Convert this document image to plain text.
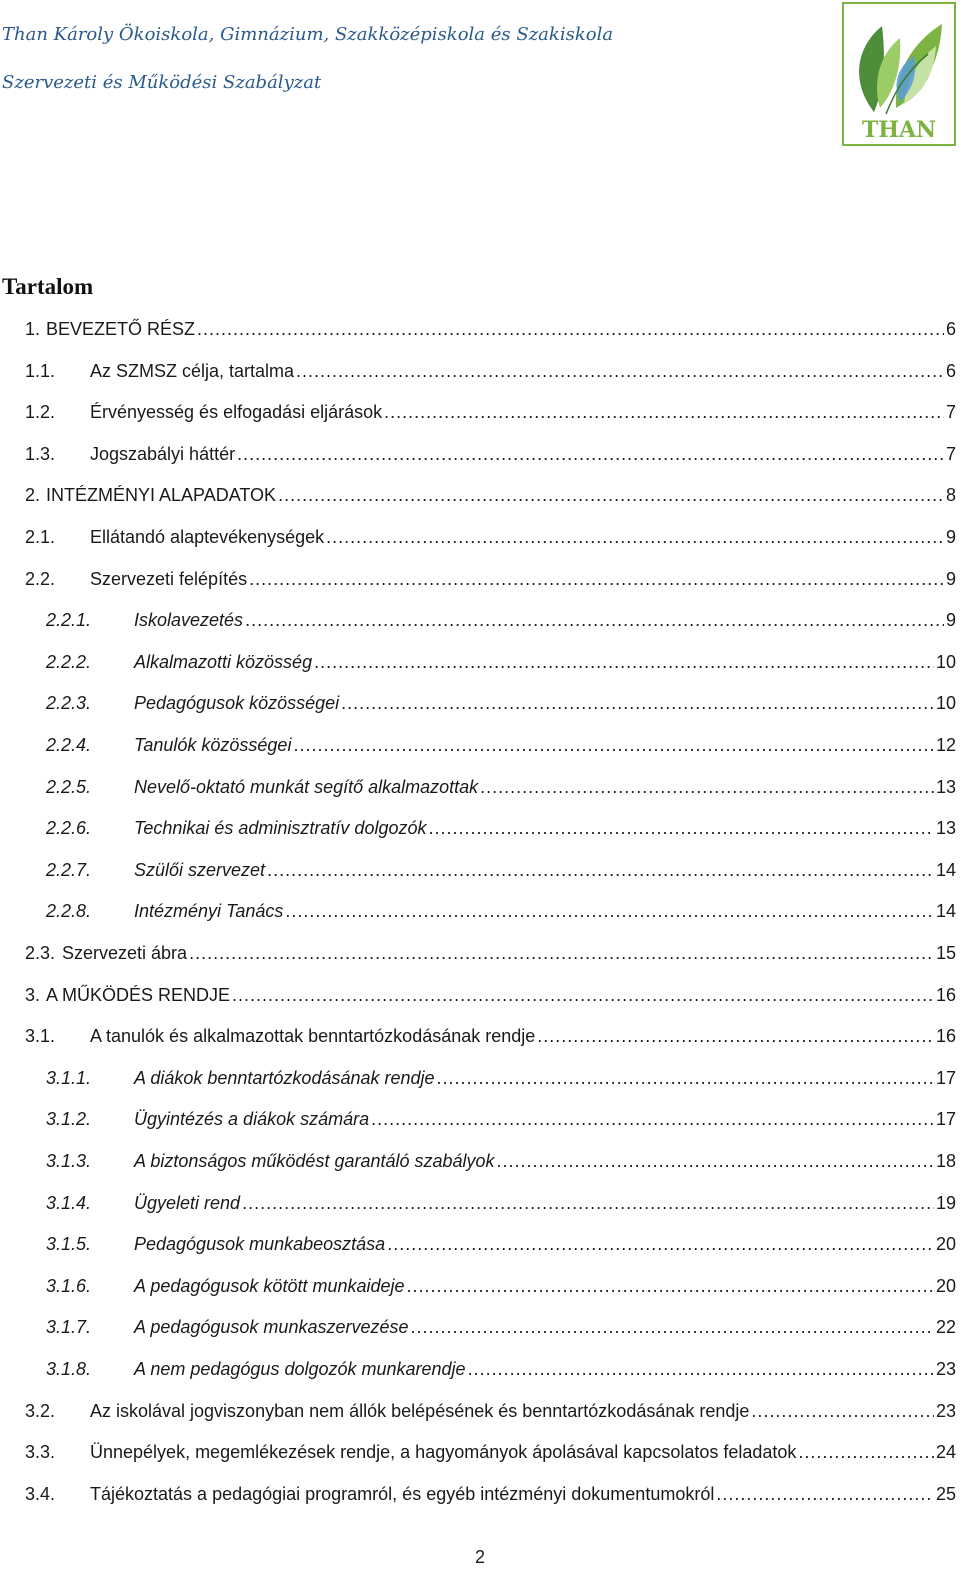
Than Károly Ökoiskola, Gimnázium, Szakközépiskola és Szakiskola
Szervezeti és Működési Szabályzat
THAN
Tartalom
1. BEVEZETŐ RÉSZ .....	6
1.1. Az SZMSZ célja, tartalma .....	6
1.2. Érvényesség és elfogadási eljárások .....	7
1.3. Jogszabályi háttér .....	7
2. INTÉZMÉNYI ALAPADATOK .....	8
2.1. Ellátandó alaptevékenységek .....	9
2.2. Szervezeti felépítés .....	9
2.2.1. Iskolavezetés .....	9
2.2.2. Alkalmazotti közösség .....	10
2.2.3. Pedagógusok közösségei .....	10
2.2.4. Tanulók közösségei .....	12
2.2.5. Nevelő-oktató munkát segítő alkalmazottak .....	13
2.2.6. Technikai és adminisztratív dolgozók .....	13
2.2.7. Szülői szervezet .....	14
2.2.8. Intézményi Tanács .....	14
2.3. Szervezeti ábra .....	15
3. A MŰKÖDÉS RENDJE .....	16
3.1. A tanulók és alkalmazottak benntartózkodásának rendje .....	16
3.1.1. A diákok benntartózkodásának rendje .....	17
3.1.2. Ügyintézés a diákok számára .....	17
3.1.3. A biztonságos működést garantáló szabályok .....	18
3.1.4. Ügyeleti rend .....	19
3.1.5. Pedagógusok munkabeosztása .....	20
3.1.6. A pedagógusok kötött munkaideje .....	20
3.1.7. A pedagógusok munkaszervezése .....	22
3.1.8. A nem pedagógus dolgozók munkarendje .....	23
3.2. Az iskolával jogviszonyban nem állók belépésének és benntartózkodásának rendje .....	23
3.3. Ünnepélyek, megemlékezések rendje, a hagyományok ápolásával kapcsolatos feladatok .....	24
3.4. Tájékoztatás a pedagógiai programról, és egyéb intézményi dokumentumokról .....	25
2
